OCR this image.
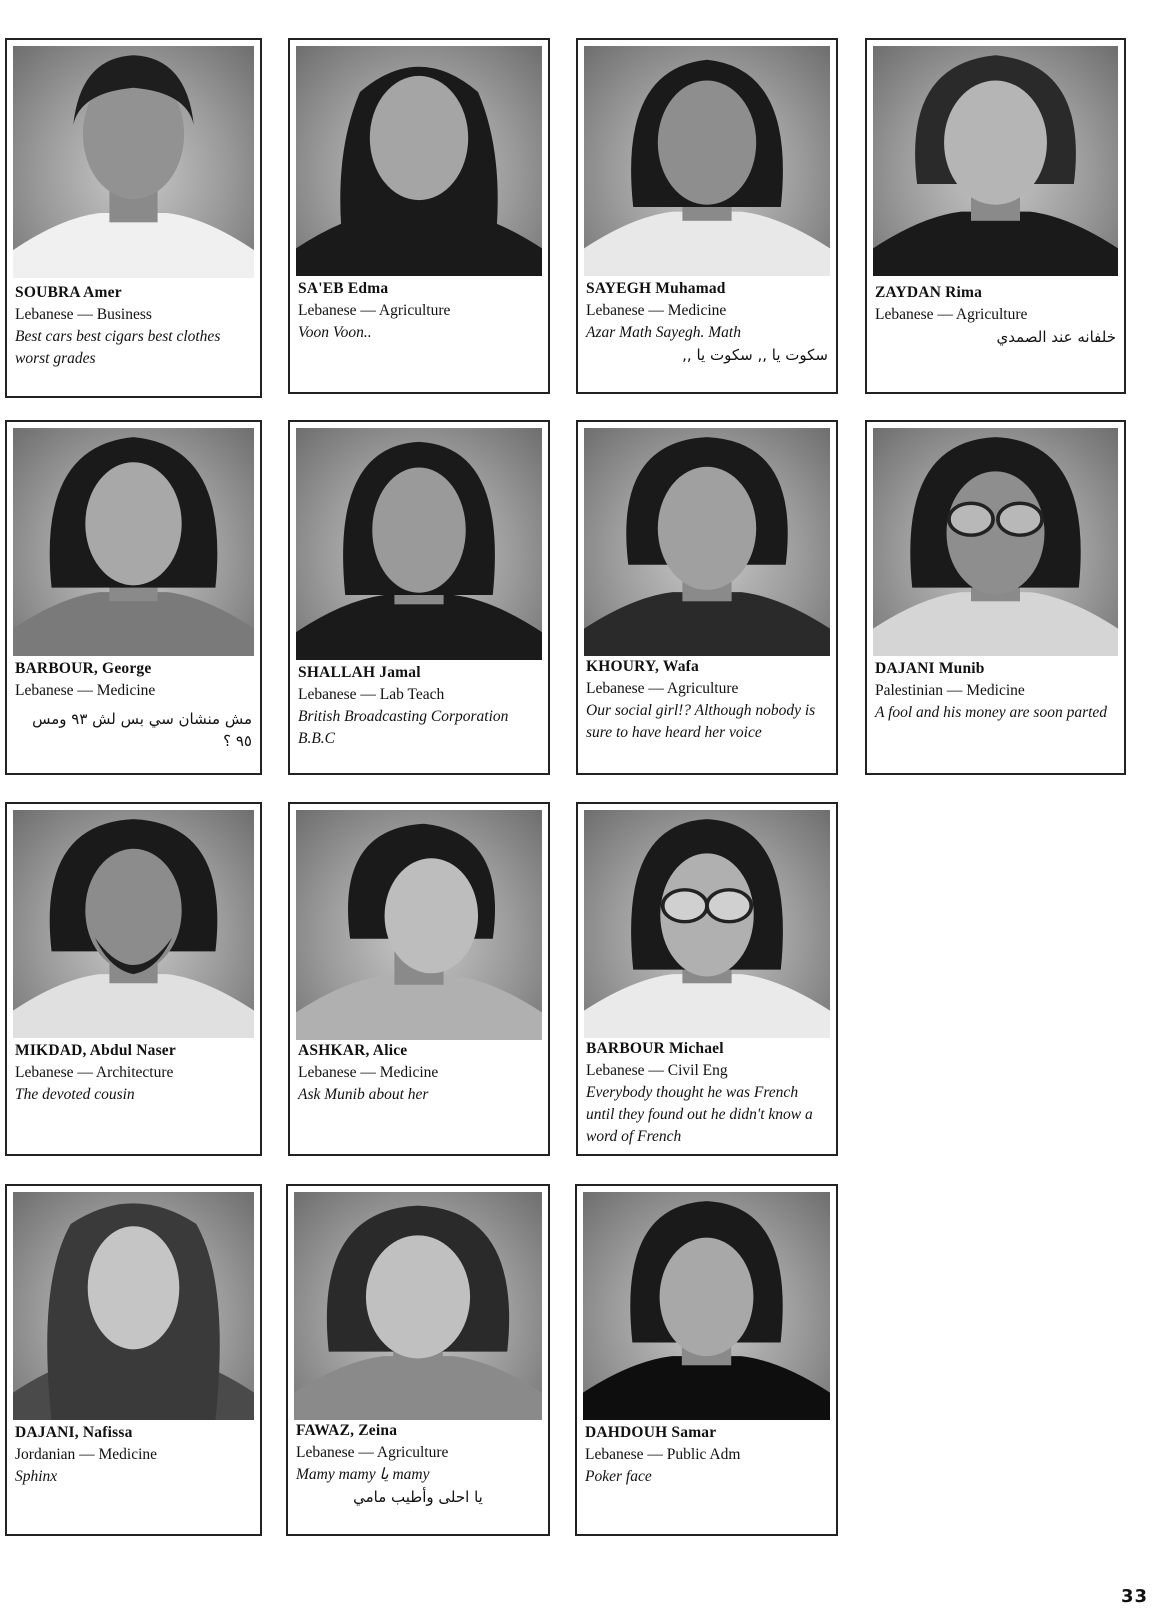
SOUBRA Amer
Lebanese — Business
Best cars best cigars best clothes worst grades
SA'EB Edma
Lebanese — Agriculture
Voon Voon..
SAYEGH Muhamad
Lebanese — Medicine
Azar Math Sayegh. Math
سكوت يا ,, سكوت يا ,,
ZAYDAN Rima
Lebanese — Agriculture
خلفانه عند الصمدي
BARBOUR, George
Lebanese — Medicine
مش منشان سي بس لش ٩٣ ومس ٩٥ ؟
SHALLAH Jamal
Lebanese — Lab Teach
British Broadcasting Corporation B.B.C
KHOURY, Wafa
Lebanese — Agriculture
Our social girl!? Although nobody is sure to have heard her voice
DAJANI Munib
Palestinian — Medicine
A fool and his money are soon parted
MIKDAD, Abdul Naser
Lebanese — Architecture
The devoted cousin
ASHKAR, Alice
Lebanese — Medicine
Ask Munib about her
BARBOUR Michael
Lebanese — Civil Eng
Everybody thought he was French until they found out he didn't know a word of French
DAJANI, Nafissa
Jordanian — Medicine
Sphinx
FAWAZ, Zeina
Lebanese — Agriculture
Mamy mamy يا mamy
يا احلى وأطيب مامي
DAHDOUH Samar
Lebanese — Public Adm
Poker face
33
